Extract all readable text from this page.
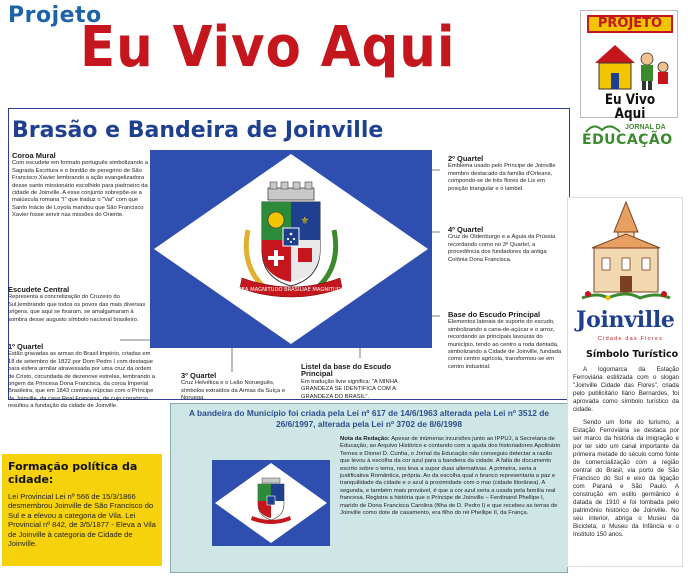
Projeto
Eu Vivo Aqui	PROJETO
Eu Vivo Aqui
JORNAL DA
EDUCAÇÃO
Brasão e Bandeira de Joinville
Coroa Mural
Com escudete em formato português simbolizando a Sagrada Escritura e o bordão de peregrino de São Francisco Xavier lembrando a ação evangelizadora desse santo missionário escolhido para padroeiro da cidade de Joinville. A esse conjunto sobrepõe-se a maiúscula romana "I" que traduz o "Vai" com que Santo Inácio de Loyola mandou que São Francisco Xavier fosse servir nas missões do Oriente.
Escudete Central
Representa a concretização do Cruzeiro do Sul,lembrando que todos os povos das mais diversas origens, que aqui se fixaram, se amalgamaram à sombra desse augusto símbolo nacional brasileiro.
1º Quartel
Estão gravadas as armas do Brasil Império, criadas em 18 de setembro de 1822 por Dom Pedro I com destaque para esfera armilar atravessada por uma cruz da ordem de Cristo, circundada de dezenove estrelas, lembrando a origem da Princesa Dona Francisca, da coroa Imperial Brasileira, que em 1843 contraiu núpcias com o Príncipe de Joinville, da casa Real Francesa, de cujo consórcio resultou a fundação da cidade de Joinville.
2º Quartel
Emblema usado pelo Príncipe de Joinville membro destacado da família d'Orleans, compondo-se de três flores de Lis em posição triangular e o lambel.
4º Quartel
Cruz de Oldenburgo e a Águia da Prússia recordando como no 3º Quartel, a procedência dos fundadores da antiga Colônia Dona Francisca.
Base do Escudo Principal
Elementos laterais de suporte do escudo, simbolizando a cana-de-açúcar e o arroz, recordando as principais lavouras do município, tendo ao centro a roda dentada, simbolizando a Cidade de Joinville, fundada como centro agrícola, transformou-se em centro industrial.
3º Quartel
Cruz Helvética e o Leão Norueguês, símbolos extraídos da Armas da Suíça e Noruega.
Listel da base do Escudo Principal
Em tradução livre significa: "A MINHA GRANDEZA SE IDENTIFICA COM A GRANDEZA DO BRASIL".
⚜
MEA MAGNITUDO BRASILIAE MAGNITUDO
Formação política da cidade:
Lei Provincial Lei nº 566 de 15/3/1866 desmembrou Joinville de São Francisco do Sul e a elevou a categoria de Vila. Lei Provincial nº 842, de 3/5/1877 - Eleva a Vila de Joinville à categoria de Cidade de Joinville.
A bandeira do Município foi criada pela Lei nº 617 de 14/6/1963 alterada pela Lei nº 3512 de 26/6/1997, alterada pela Lei nº 3702 de 8/6/1998
Nota da Redação: Apesar de inúmeras incursões junto ao IPPUJ, à Secretaria de Educação, ao Arquivo Histórico e contando com a ajuda dos historiadores Apolinário Ternes e Dionei D. Cunha, o Jornal da Educação não conseguiu detectar a razão que levou à escolha da cor azul para a bandeira da cidade. A falta de documento escrito sobre o tema, nos leva a supor duas alternativas. A primeira, seria a justificativa Romântica, própria. Ao da escolha qual o branco representaria a paz e tranquilidade da cidade e o azul à proximidade com o mar (cidade litorânea). A segunda, e também mais provável, é que a cor azul seria a usada pela família real francesa. Registra a história que o Príncipe de Joinville – Ferdinand Phellipe I, marido de Dona Francisca Carolina (filha de D. Pedro I) e que recebeu as terras de Joinville como dote de casamento, era filho do rei Phellipe II, da França.
Joinville
Cidade das Flores
Símbolo Turístico

A logomarca da Estação Ferroviária estilizada com o slogan "Joinville Cidade das Flores", criada pelo publicitário Ilário Bernardes, foi aprovada como símbolo turístico da cidade.

Sendo um forte do turismo, a Estação Ferroviária se destaca por ser marco da história da imigração e por ter sido um canal importante da primeira metade do século como fonte de comercialização com a região central do Brasil, via porto de São Francisco do Sul e eixo da ligação com Paraná e São Paulo. A construção em estilo germânico é datada de 1910 e foi tombada pelo patrimônio histórico de Joinville. No seu interior, abriga o Museu da Bicicleta, o Museu da Infância e o Instituto 150 anos.
